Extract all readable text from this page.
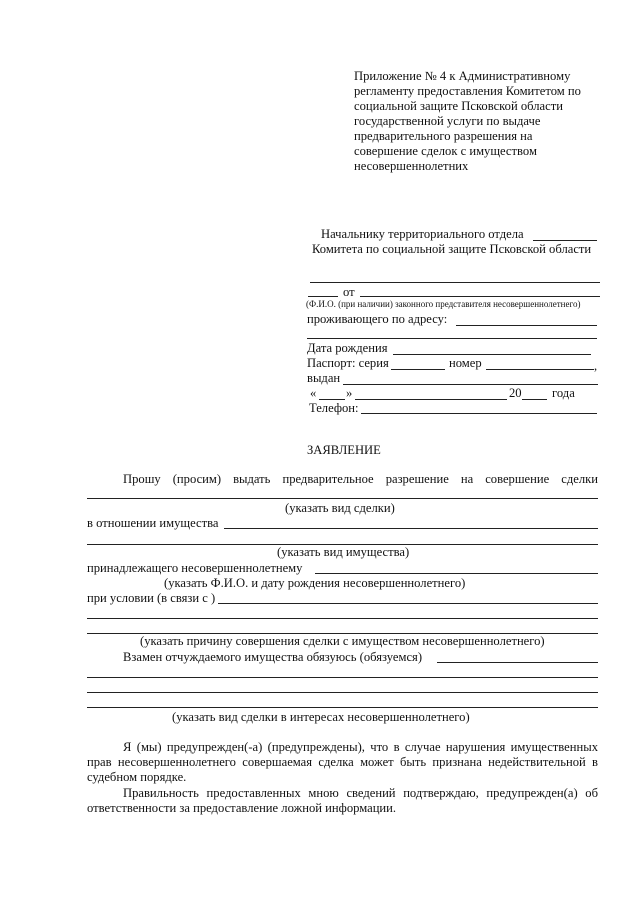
Приложение № 4 к Административному
регламенту предоставления Комитетом по
социальной защите Псковской области
государственной услуги по выдаче
предварительного разрешения на
совершение сделок с имуществом
несовершеннолетних
Начальнику территориального отдела
Комитета по социальной защите Псковской области
от
(Ф.И.О. (при наличии) законного представителя несовершеннолетнего)
проживающего по адресу:
Дата рождения
Паспорт: серия	номер	,
выдан
« »	20 года
Телефон:
ЗАЯВЛЕНИЕ
Прошу (просим) выдать предварительное разрешение на совершение сделки
(указать вид сделки)
в отношении имущества
(указать вид имущества)
принадлежащего несовершеннолетнему
(указать Ф.И.О. и дату рождения несовершеннолетнего)
при условии (в связи с )
(указать причину совершения сделки с имуществом несовершеннолетнего)
Взамен отчуждаемого имущества обязуюсь (обязуемся)
(указать вид сделки в интересах несовершеннолетнего)
Я (мы) предупрежден(-а) (предупреждены), что в случае нарушения имущественных
прав несовершеннолетнего совершаемая сделка может быть признана недействительной в
судебном порядке.
Правильность предоставленных мною сведений подтверждаю, предупрежден(а) об
ответственности за предоставление ложной информации.
